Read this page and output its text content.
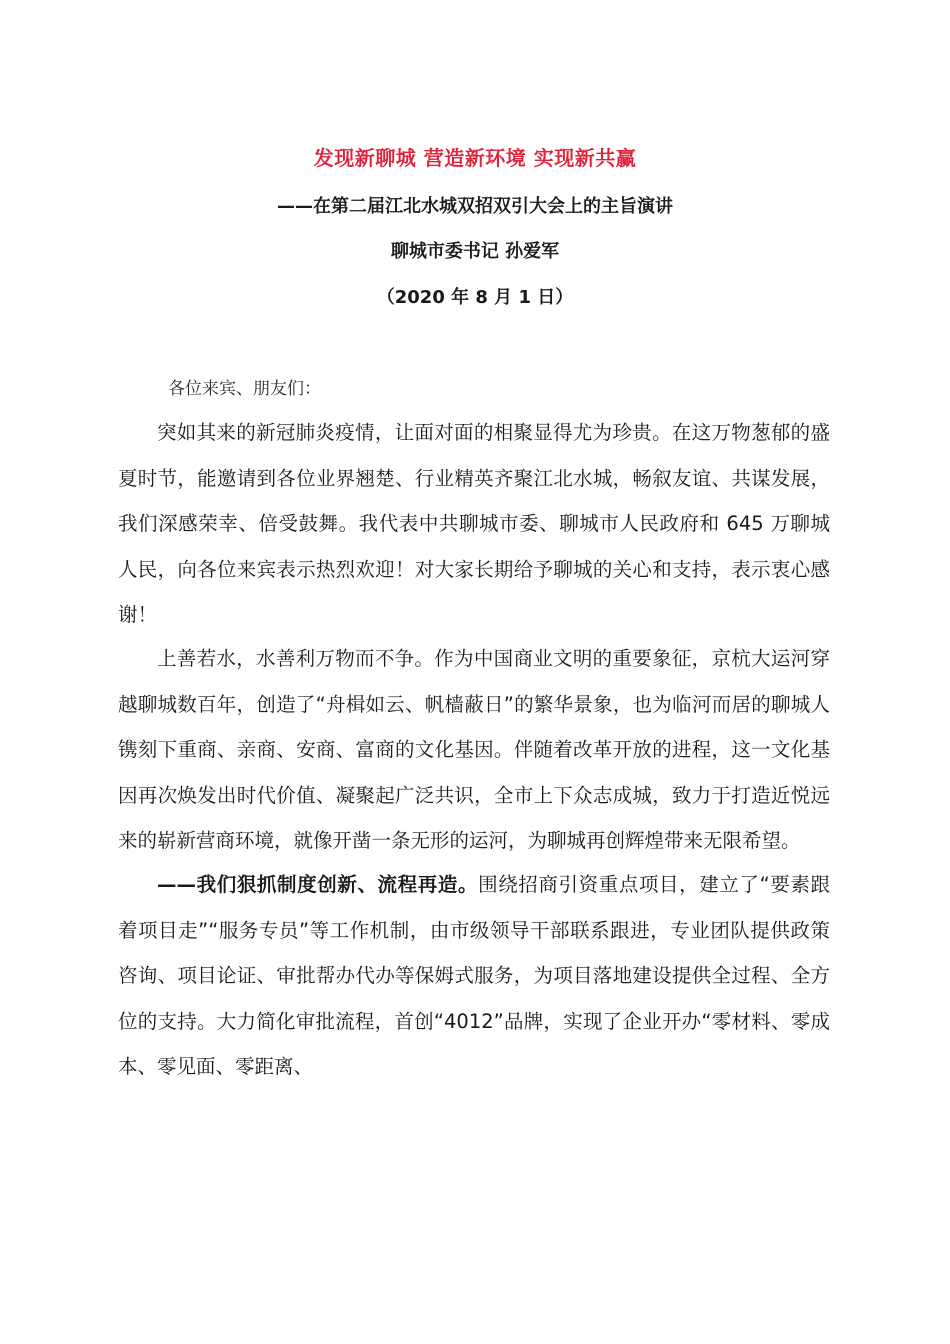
发现新聊城 营造新环境 实现新共赢
——在第二届江北水城双招双引大会上的主旨演讲
聊城市委书记 孙爱军
（2020 年 8 月 1 日）
各位来宾、朋友们：

突如其来的新冠肺炎疫情，让面对面的相聚显得尤为珍贵。在这万物葱郁的盛夏时节，能邀请到各位业界翘楚、行业精英齐聚江北水城，畅叙友谊、共谋发展，我们深感荣幸、倍受鼓舞。我代表中共聊城市委、聊城市人民政府和 645 万聊城人民，向各位来宾表示热烈欢迎！对大家长期给予聊城的关心和支持，表示衷心感谢！

上善若水，水善利万物而不争。作为中国商业文明的重要象征，京杭大运河穿越聊城数百年，创造了“舟楫如云、帆樯蔽日”的繁华景象，也为临河而居的聊城人镌刻下重商、亲商、安商、富商的文化基因。伴随着改革开放的进程，这一文化基因再次焕发出时代价值、凝聚起广泛共识，全市上下众志成城，致力于打造近悦远来的崭新营商环境，就像开凿一条无形的运河，为聊城再创辉煌带来无限希望。

——我们狠抓制度创新、流程再造。围绕招商引资重点项目，建立了“要素跟着项目走”“服务专员”等工作机制，由市级领导干部联系跟进，专业团队提供政策咨询、项目论证、审批帮办代办等保姆式服务，为项目落地建设提供全过程、全方位的支持。大力简化审批流程，首创“4012”品牌，实现了企业开办“零材料、零成本、零见面、零距离、
